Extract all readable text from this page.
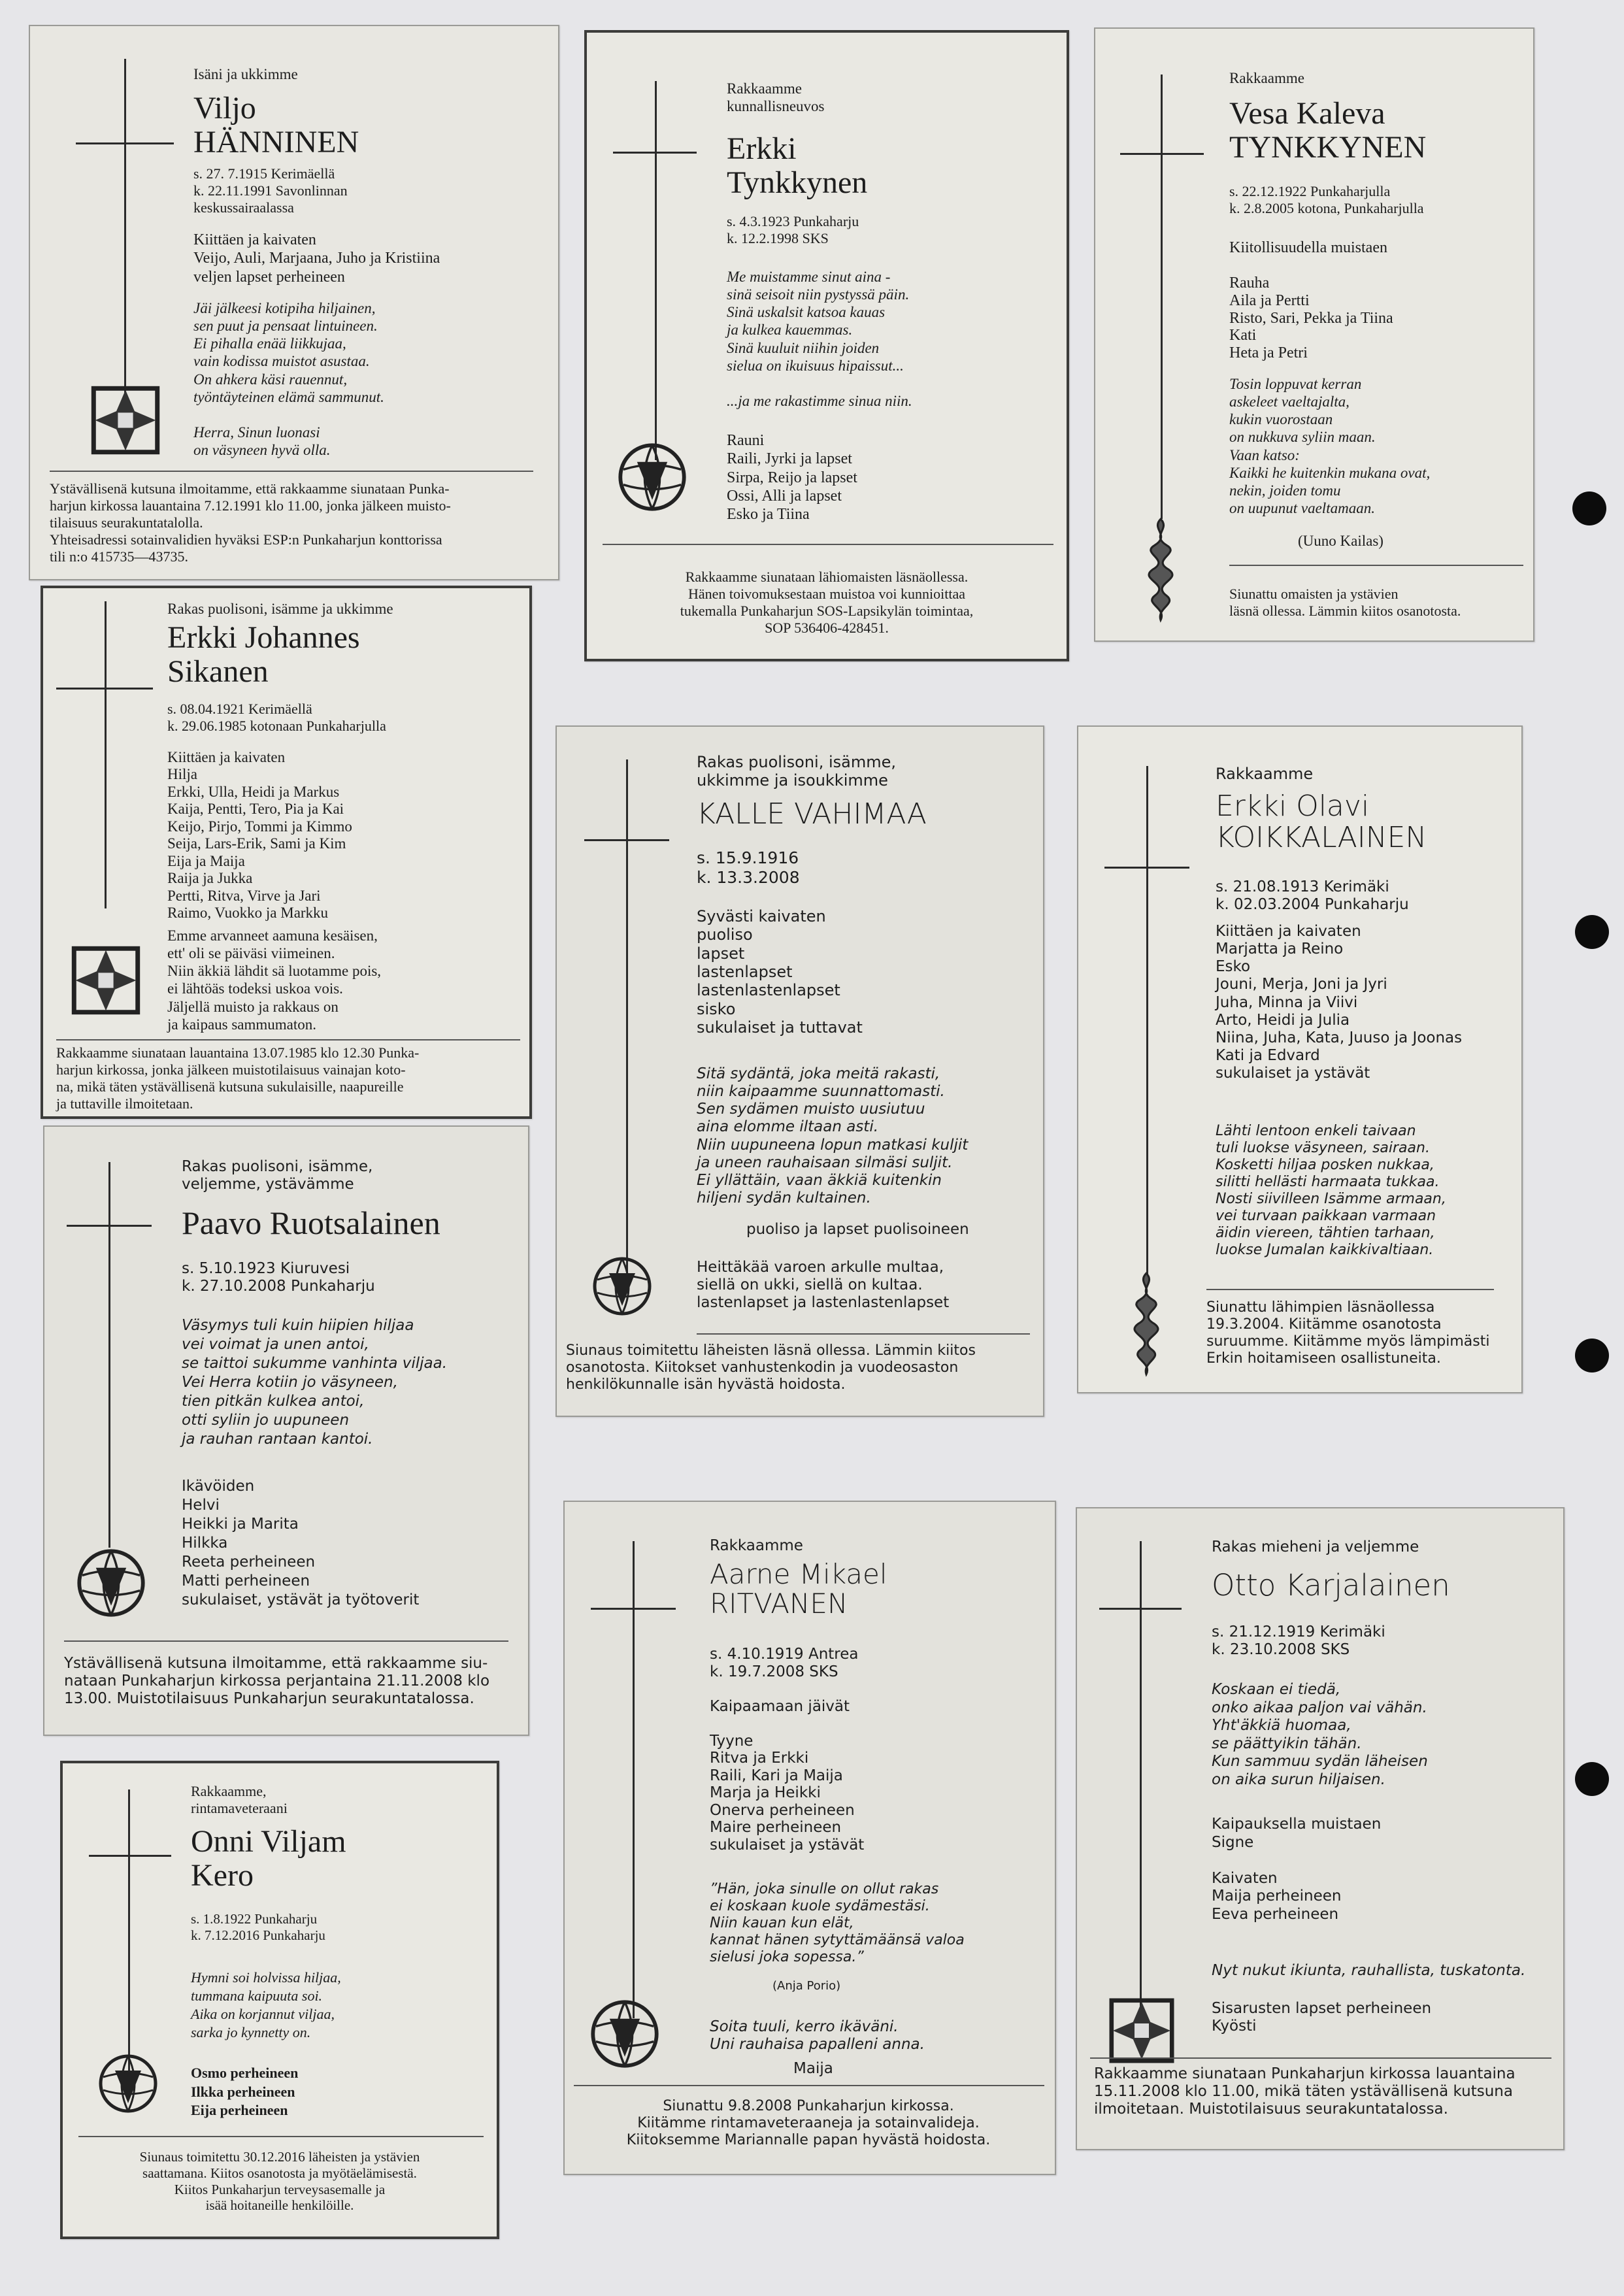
Isäni ja ukkimme
Viljo
HÄNNINEN
s. 27. 7.1915 Kerimäellä
k. 22.11.1991 Savonlinnan
keskussairaalassa
Kiittäen ja kaivaten
Veijo, Auli, Marjaana, Juho ja Kristiina
veljen lapset perheineen
Jäi jälkeesi kotipiha hiljainen,
sen puut ja pensaat lintuineen.
Ei pihalla enää liikkujaa,
vain kodissa muistot asustaa.
On ahkera käsi rauennut,
työntäyteinen elämä sammunut.

Herra, Sinun luonasi
on väsyneen hyvä olla.
Ystävällisenä kutsuna ilmoitamme, että rakkaamme siunataan Punka-
harjun kirkossa lauantaina 7.12.1991 klo 11.00, jonka jälkeen muisto-
tilaisuus seurakuntatalolla.
Yhteisadressi sotainvalidien hyväksi ESP:n Punkaharjun konttorissa
tili n:o 415735—43735.
Rakkaamme
kunnallisneuvos
Erkki
Tynkkynen
s. 4.3.1923 Punkaharju
k. 12.2.1998 SKS
Me muistamme sinut aina -
sinä seisoit niin pystyssä päin.
Sinä uskalsit katsoa kauas
ja kulkea kauemmas.
Sinä kuuluit niihin joiden
sielua on ikuisuus hipaissut...

...ja me rakastimme sinua niin.
Rauni
Raili, Jyrki ja lapset
Sirpa, Reijo ja lapset
Ossi, Alli ja lapset
Esko ja Tiina
Rakkaamme siunataan lähiomaisten läsnäollessa.
Hänen toivomuksestaan muistoa voi kunnioittaa
tukemalla Punkaharjun SOS-Lapsikylän toimintaa,
SOP 536406-428451.
Rakkaamme
Vesa Kaleva
TYNKKYNEN
s. 22.12.1922 Punkaharjulla
k. 2.8.2005 kotona, Punkaharjulla
Kiitollisuudella muistaen

Rauha
Aila ja Pertti
Risto, Sari, Pekka ja Tiina
Kati
Heta ja Petri
Tosin loppuvat kerran
askeleet vaeltajalta,
kukin vuorostaan
on nukkuva syliin maan.
Vaan katso:
Kaikki he kuitenkin mukana ovat,
nekin, joiden tomu
on uupunut vaeltamaan.
(Uuno Kailas)
Siunattu omaisten ja ystävien
läsnä ollessa. Lämmin kiitos osanotosta.
Rakas puolisoni, isämme ja ukkimme
Erkki Johannes
Sikanen
s. 08.04.1921 Kerimäellä
k. 29.06.1985 kotonaan Punkaharjulla
Kiittäen ja kaivaten
Hilja
Erkki, Ulla, Heidi ja Markus
Kaija, Pentti, Tero, Pia ja Kai
Keijo, Pirjo, Tommi ja Kimmo
Seija, Lars-Erik, Sami ja Kim
Eija ja Maija
Raija ja Jukka
Pertti, Ritva, Virve ja Jari
Raimo, Vuokko ja Markku
Emme arvanneet aamuna kesäisen,
ett' oli se päiväsi viimeinen.
Niin äkkiä lähdit sä luotamme pois,
ei lähtöäs todeksi uskoa vois.
Jäljellä muisto ja rakkaus on
ja kaipaus sammumaton.
Rakkaamme siunataan lauantaina 13.07.1985 klo 12.30 Punka-
harjun kirkossa, jonka jälkeen muistotilaisuus vainajan koto-
na, mikä täten ystävällisenä kutsuna sukulaisille, naapureille
ja tuttaville ilmoitetaan.
Rakas puolisoni, isämme,
ukkimme ja isoukkimme
KALLE VAHIMAA
s. 15.9.1916
k. 13.3.2008
Syvästi kaivaten
puoliso
lapset
lastenlapset
lastenlastenlapset
sisko
sukulaiset ja tuttavat
Sitä sydäntä, joka meitä rakasti,
niin kaipaamme suunnattomasti.
Sen sydämen muisto uusiutuu
aina elomme iltaan asti.
Niin uupuneena lopun matkasi kuljit
ja uneen rauhaisaan silmäsi suljit.
Ei yllättäin, vaan äkkiä kuitenkin
hiljeni sydän kultainen.
puoliso ja lapset puolisoineen
Heittäkää varoen arkulle multaa,
siellä on ukki, siellä on kultaa.
lastenlapset ja lastenlastenlapset
Siunaus toimitettu läheisten läsnä ollessa. Lämmin kiitos
osanotosta. Kiitokset vanhustenkodin ja vuodeosaston
henkilökunnalle isän hyvästä hoidosta.
Rakkaamme
Erkki Olavi
KOIKKALAINEN
s. 21.08.1913 Kerimäki
k. 02.03.2004 Punkaharju
Kiittäen ja kaivaten
Marjatta ja Reino
Esko
Jouni, Merja, Joni ja Jyri
Juha, Minna ja Viivi
Arto, Heidi ja Julia
Niina, Juha, Kata, Juuso ja Joonas
Kati ja Edvard
sukulaiset ja ystävät
Lähti lentoon enkeli taivaan
tuli luokse väsyneen, sairaan.
Kosketti hiljaa posken nukkaa,
silitti hellästi harmaata tukkaa.
Nosti siivilleen Isämme armaan,
vei turvaan paikkaan varmaan
äidin viereen, tähtien tarhaan,
luokse Jumalan kaikkivaltiaan.
Siunattu lähimpien läsnäollessa
19.3.2004. Kiitämme osanotosta
suruumme. Kiitämme myös lämpimästi
Erkin hoitamiseen osallistuneita.
Rakas puolisoni, isämme,
veljemme, ystävämme
Paavo Ruotsalainen
s. 5.10.1923 Kiuruvesi
k. 27.10.2008 Punkaharju
Väsymys tuli kuin hiipien hiljaa
vei voimat ja unen antoi,
se taittoi sukumme vanhinta viljaa.
Vei Herra kotiin jo väsyneen,
tien pitkän kulkea antoi,
otti syliin jo uupuneen
ja rauhan rantaan kantoi.
Ikävöiden
Helvi
Heikki ja Marita
Hilkka
Reeta perheineen
Matti perheineen
sukulaiset, ystävät ja työtoverit
Ystävällisenä kutsuna ilmoitamme, että rakkaamme siu-
nataan Punkaharjun kirkossa perjantaina 21.11.2008 klo
13.00. Muistotilaisuus Punkaharjun seurakuntatalossa.
Rakkaamme,
rintamaveteraani
Onni Viljam
Kero
s. 1.8.1922 Punkaharju
k. 7.12.2016 Punkaharju
Hymni soi holvissa hiljaa,
tummana kaipuuta soi.
Aika on korjannut viljaa,
sarka jo kynnetty on.
Osmo perheineen
Ilkka perheineen
Eija perheineen
Siunaus toimitettu 30.12.2016 läheisten ja ystävien
saattamana. Kiitos osanotosta ja myötäelämisestä.
Kiitos Punkaharjun terveysasemalle ja
isää hoitaneille henkilöille.
Rakkaamme
Aarne Mikael
RITVANEN
s. 4.10.1919 Antrea
k. 19.7.2008 SKS
Kaipaamaan jäivät

Tyyne
Ritva ja Erkki
Raili, Kari ja Maija
Marja ja Heikki
Onerva perheineen
Maire perheineen
sukulaiset ja ystävät
”Hän, joka sinulle on ollut rakas
ei koskaan kuole sydämestäsi.
Niin kauan kun elät,
kannat hänen sytyttämäänsä valoa
sielusi joka sopessa.”
(Anja Porio)
Soita tuuli, kerro ikäväni.
Uni rauhaisa papalleni anna.
Maija
Siunattu 9.8.2008 Punkaharjun kirkossa.
Kiitämme rintamaveteraaneja ja sotainvalideja.
Kiitoksemme Mariannalle papan hyvästä hoidosta.
Rakas mieheni ja veljemme
Otto Karjalainen
s. 21.12.1919 Kerimäki
k. 23.10.2008 SKS
Koskaan ei tiedä,
onko aikaa paljon vai vähän.
Yht'äkkiä huomaa,
se päättyikin tähän.
Kun sammuu sydän läheisen
on aika surun hiljaisen.
Kaipauksella muistaen
Signe

Kaivaten
Maija perheineen
Eeva perheineen
Nyt nukut ikiunta, rauhallista, tuskatonta.
Sisarusten lapset perheineen
Kyösti
Rakkaamme siunataan Punkaharjun kirkossa lauantaina
15.11.2008 klo 11.00, mikä täten ystävällisenä kutsuna
ilmoitetaan. Muistotilaisuus seurakuntatalossa.
